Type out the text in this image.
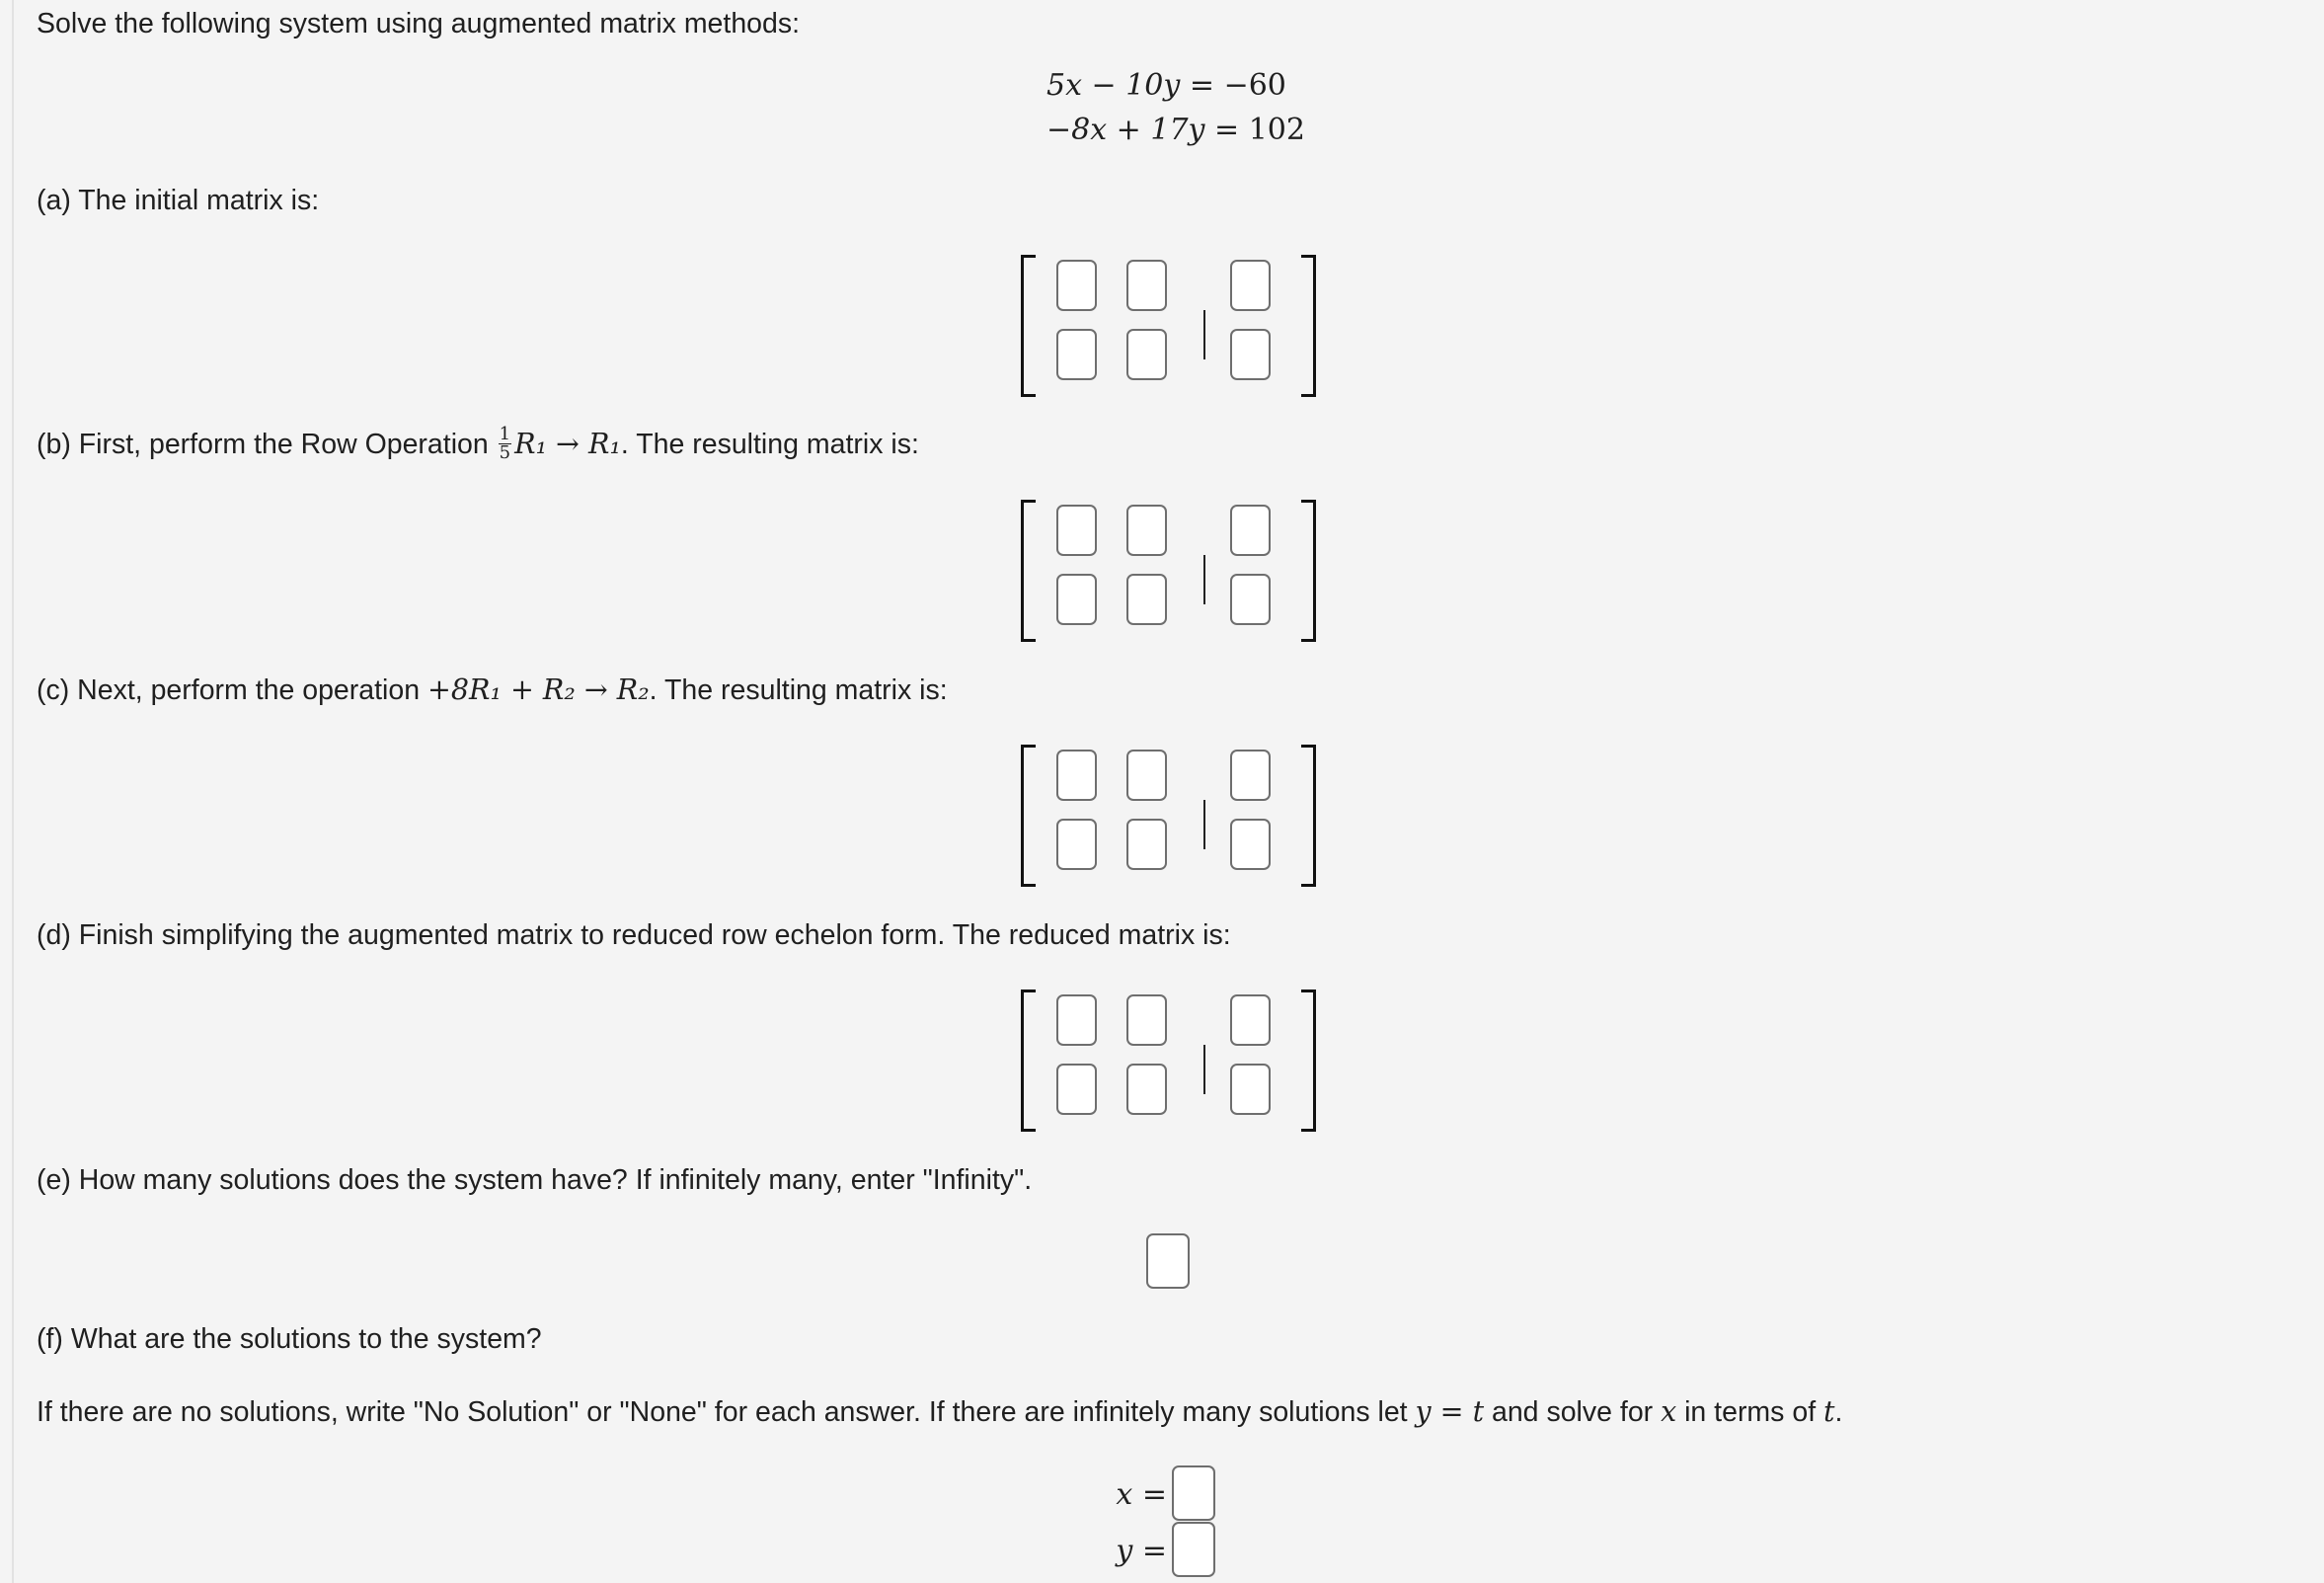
Solve the following system using augmented matrix methods:
5x − 10y = −60
−8x + 17y = 102
(a) The initial matrix is:
(b) First, perform the Row Operation $\frac{1}{5} R_1 \to R_1$. The resulting matrix is:
(c) Next, perform the operation +8R₁ + R₂ → R₂. The resulting matrix is:
(d) Finish simplifying the augmented matrix to reduced row echelon form. The reduced matrix is:
(e) How many solutions does the system have? If infinitely many, enter "Infinity".
(f) What are the solutions to the system?
If there are no solutions, write "No Solution" or "None" for each answer. If there are infinitely many solutions let y = t and solve for x in terms of t.
x =
y =
